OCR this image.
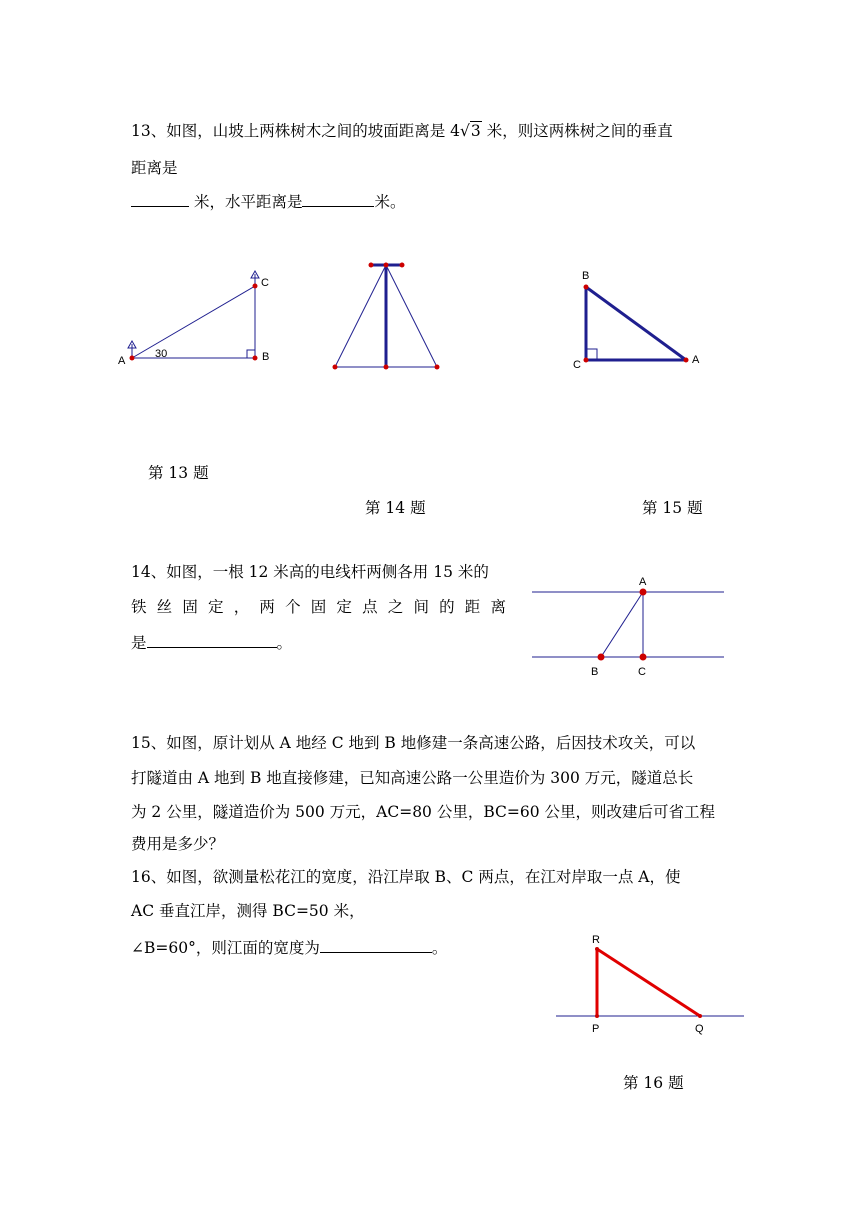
13、如图，山坡上两株树木之间的坡面距离是 4√3 米，则这两株树之间的垂直
距离是
米，水平距离是	米。
A	B
C
30
B
C	A
第 13 题
第 14 题	第 15 题
14、如图，一根 12 米高的电线杆两侧各用 15 米的
铁丝固定，两个固定点之间的距离
是	。
A
B	C
15、如图，原计划从 A 地经 C 地到 B 地修建一条高速公路，后因技术攻关，可以
打隧道由 A 地到 B 地直接修建，已知高速公路一公里造价为 300 万元，隧道总长
为 2 公里，隧道造价为 500 万元，AC=80 公里，BC=60 公里，则改建后可省工程
费用是多少？
16、如图，欲测量松花江的宽度，沿江岸取 B、C 两点，在江对岸取一点 A，使
AC 垂直江岸，测得 BC=50 米，
∠B=60°，则江面的宽度为	。	R
P	Q
第 16 题
